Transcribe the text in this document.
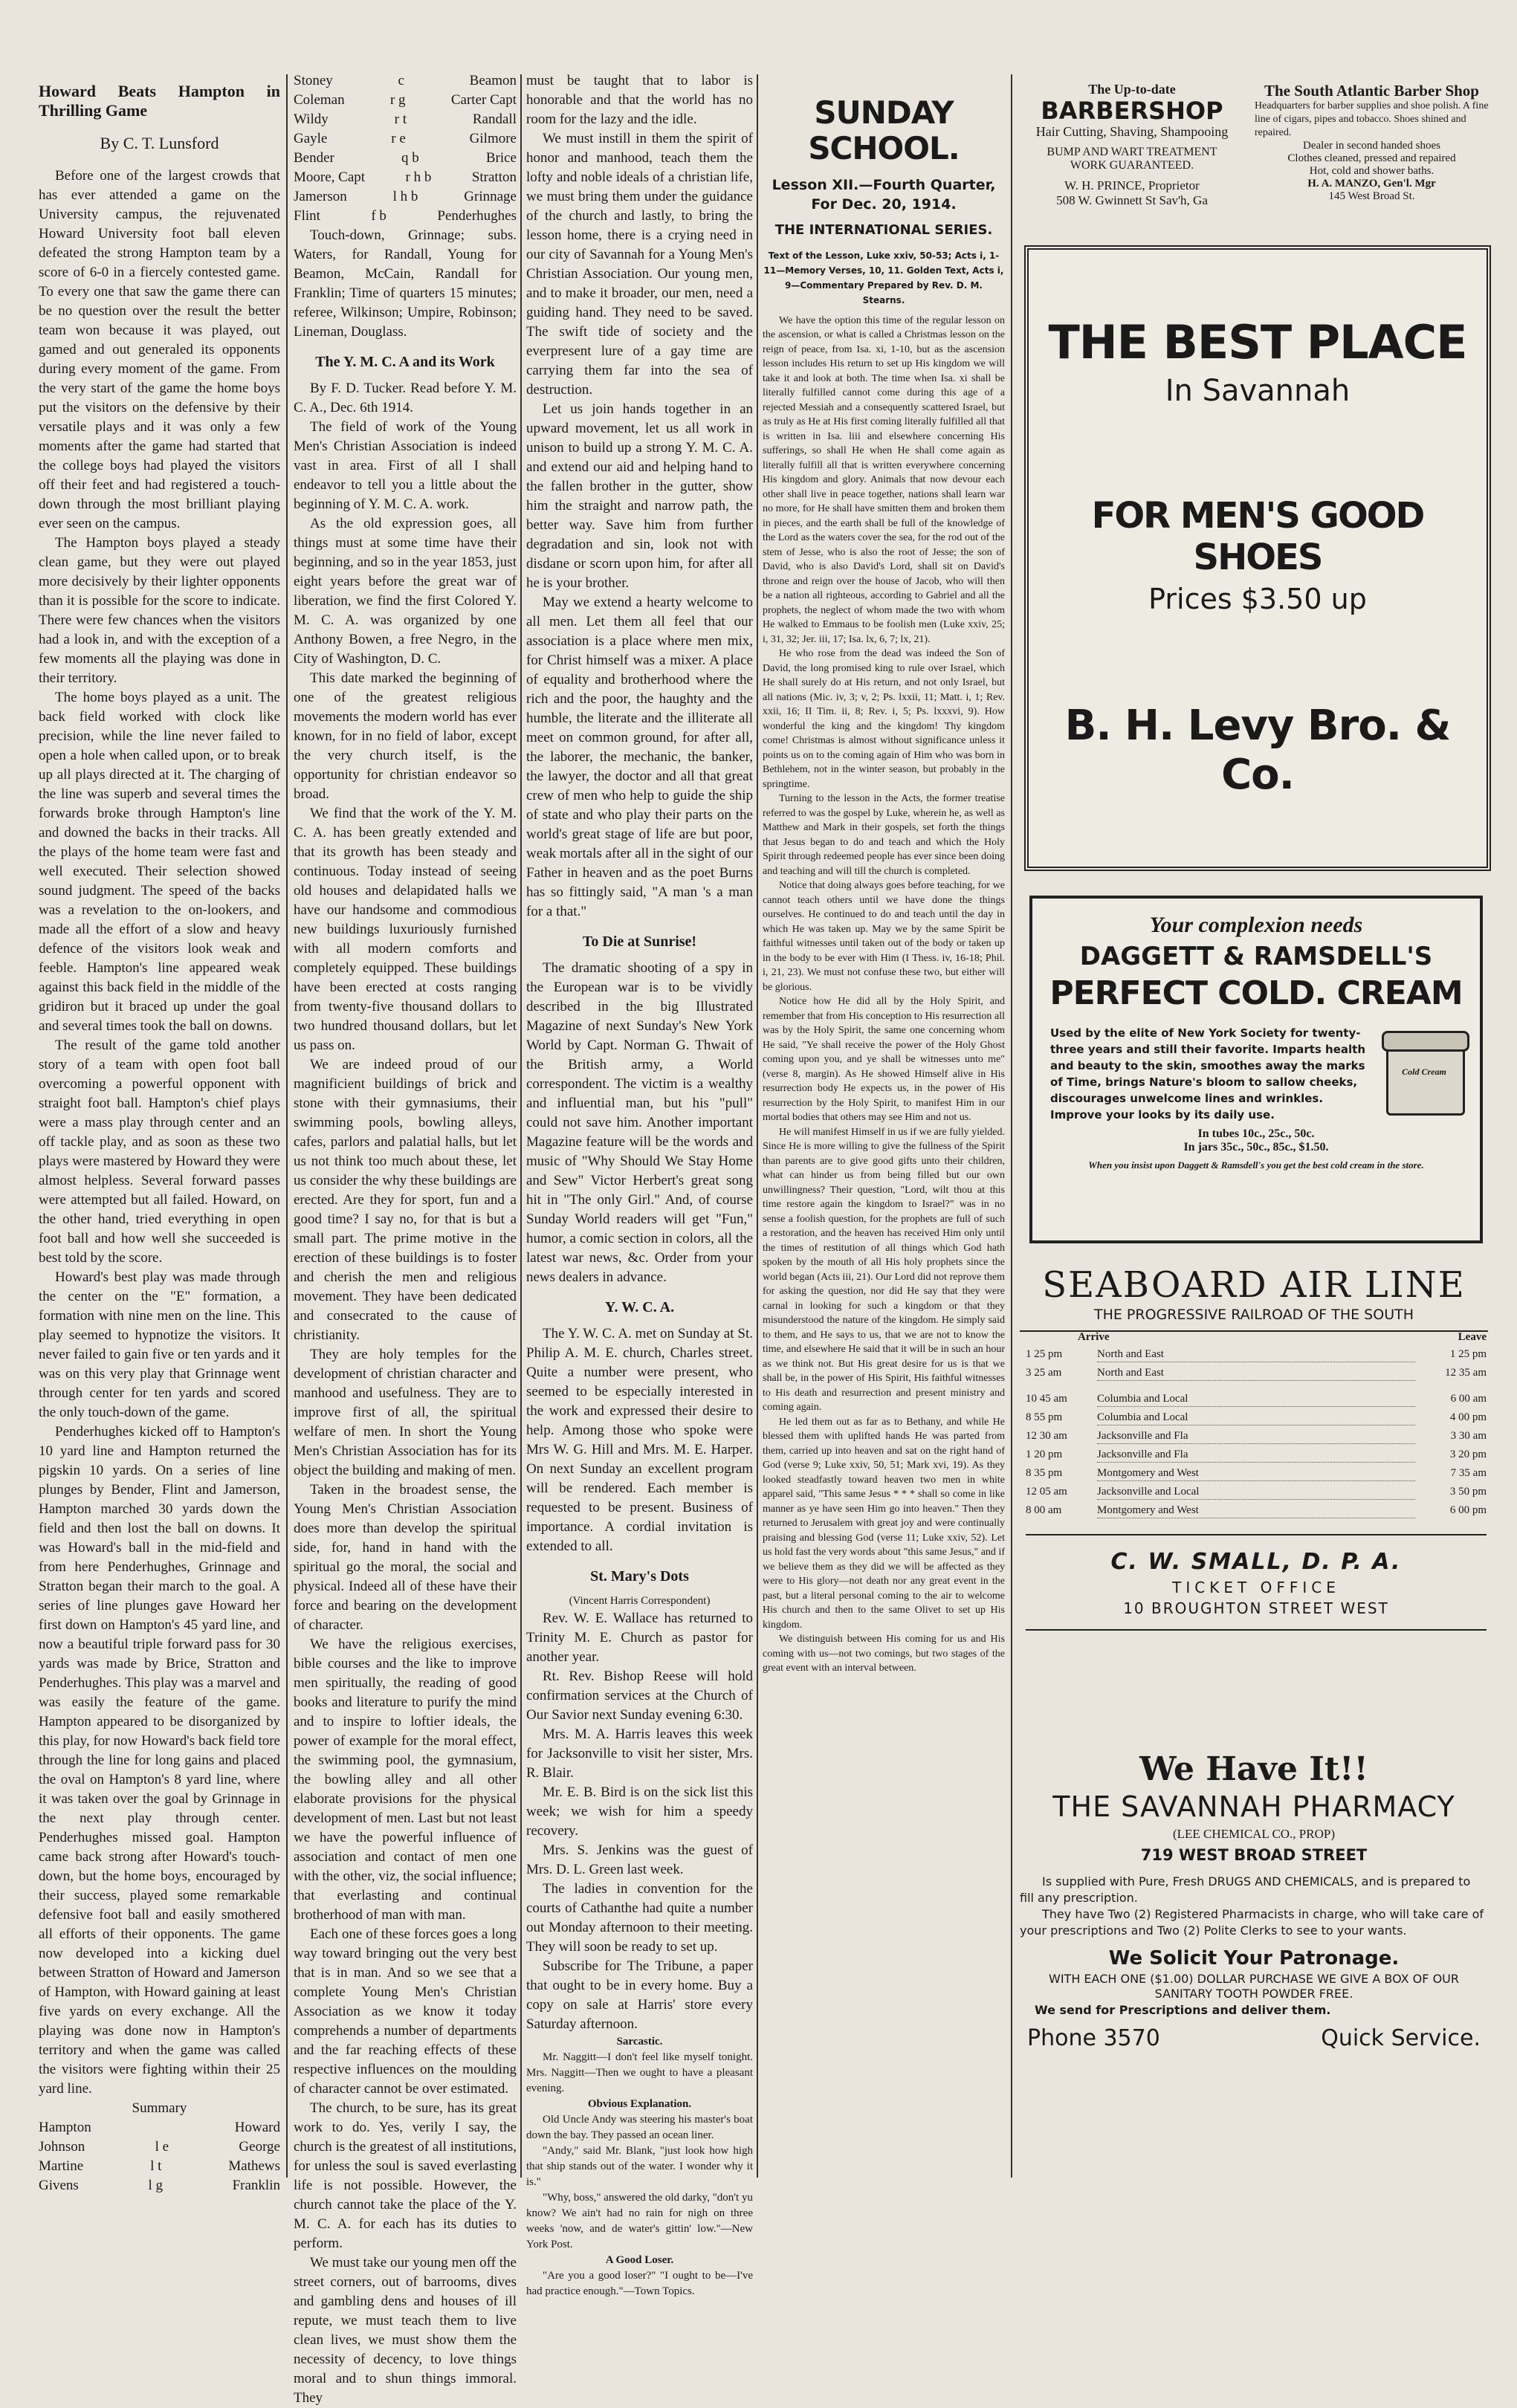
Howard Beats Hampton in Thrilling Game

By C. T. Lunsford

Before one of the largest crowds that has ever attended a game on the University campus, the rejuvenated Howard University foot ball eleven defeated the strong Hampton team by a score of 6-0 in a fiercely contested game. To every one that saw the game there can be no question over the result the better team won because it was played, out gamed and out generaled its opponents during every moment of the game. From the very start of the game the home boys put the visitors on the defensive by their versatile plays and it was only a few moments after the game had started that the college boys had played the visitors off their feet and had registered a touch-down through the most brilliant playing ever seen on the campus.

The Hampton boys played a steady clean game, but they were out played more decisively by their lighter opponents than it is possible for the score to indicate. There were few chances when the visitors had a look in, and with the exception of a few moments all the playing was done in their territory.

The home boys played as a unit. The back field worked with clock like precision, while the line never failed to open a hole when called upon, or to break up all plays directed at it. The charging of the line was superb and several times the forwards broke through Hampton's line and downed the backs in their tracks. All the plays of the home team were fast and well executed. Their selection showed sound judgment. The speed of the backs was a revelation to the on-lookers, and made all the effort of a slow and heavy defence of the visitors look weak and feeble. Hampton's line appeared weak against this back field in the middle of the gridiron but it braced up under the goal and several times took the ball on downs.

The result of the game told another story of a team with open foot ball overcoming a powerful opponent with straight foot ball. Hampton's chief plays were a mass play through center and an off tackle play, and as soon as these two plays were mastered by Howard they were almost helpless. Several forward passes were attempted but all failed. Howard, on the other hand, tried everything in open foot ball and how well she succeeded is best told by the score.

Howard's best play was made through the center on the "E" formation, a formation with nine men on the line. This play seemed to hypnotize the visitors. It never failed to gain five or ten yards and it was on this very play that Grinnage went through center for ten yards and scored the only touch-down of the game.

Penderhughes kicked off to Hampton's 10 yard line and Hampton returned the pigskin 10 yards. On a series of line plunges by Bender, Flint and Jamerson, Hampton marched 30 yards down the field and then lost the ball on downs. It was Howard's ball in the mid-field and from here Penderhughes, Grinnage and Stratton began their march to the goal. A series of line plunges gave Howard her first down on Hampton's 45 yard line, and now a beautiful triple forward pass for 30 yards was made by Brice, Stratton and Penderhughes. This play was a marvel and was easily the feature of the game. Hampton appeared to be disorganized by this play, for now Howard's back field tore through the line for long gains and placed the oval on Hampton's 8 yard line, where it was taken over the goal by Grinnage in the next play through center. Penderhughes missed goal. Hampton came back strong after Howard's touch-down, but the home boys, encouraged by their success, played some remarkable defensive foot ball and easily smothered all efforts of their opponents. The game now developed into a kicking duel between Stratton of Howard and Jamerson of Hampton, with Howard gaining at least five yards on every exchange. All the playing was done now in Hampton's territory and when the game was called the visitors were fighting within their 25 yard line.

Summary

Hampton	Howard
Johnson	l e	George
Martine	l t	Mathews
Givens	l g	Franklin
Stoney	c	Beamon
Coleman	r g	Carter Capt
Wildy	r t	Randall
Gayle	r e	Gilmore
Bender	q b	Brice
Moore, Capt	r h b	Stratton
Jamerson	l h b	Grinnage
Flint	f b	Penderhughes

Touch-down, Grinnage; subs. Waters, for Randall, Young for Beamon, McCain, Randall for Franklin; Time of quarters 15 minutes; referee, Wilkinson; Umpire, Robinson; Lineman, Douglass.

The Y. M. C. A and its Work

By F. D. Tucker. Read before Y. M. C. A., Dec. 6th 1914.

The field of work of the Young Men's Christian Association is indeed vast in area. First of all I shall endeavor to tell you a little about the beginning of Y. M. C. A. work.

As the old expression goes, all things must at some time have their beginning, and so in the year 1853, just eight years before the great war of liberation, we find the first Colored Y. M. C. A. was organized by one Anthony Bowen, a free Negro, in the City of Washington, D. C.

This date marked the beginning of one of the greatest religious movements the modern world has ever known, for in no field of labor, except the very church itself, is the opportunity for christian endeavor so broad.

We find that the work of the Y. M. C. A. has been greatly extended and that its growth has been steady and continuous. Today instead of seeing old houses and delapidated halls we have our handsome and commodious new buildings luxuriously furnished with all modern comforts and completely equipped. These buildings have been erected at costs ranging from twenty-five thousand dollars to two hundred thousand dollars, but let us pass on.

We are indeed proud of our magnificient buildings of brick and stone with their gymnasiums, their swimming pools, bowling alleys, cafes, parlors and palatial halls, but let us not think too much about these, let us consider the why these buildings are erected. Are they for sport, fun and a good time? I say no, for that is but a small part. The prime motive in the erection of these buildings is to foster and cherish the men and religious movement. They have been dedicated and consecrated to the cause of christianity.

They are holy temples for the development of christian character and manhood and usefulness. They are to improve first of all, the spiritual welfare of men. In short the Young Men's Christian Association has for its object the building and making of men.

Taken in the broadest sense, the Young Men's Christian Association does more than develop the spiritual side, for, hand in hand with the spiritual go the moral, the social and physical. Indeed all of these have their force and bearing on the development of character.

We have the religious exercises, bible courses and the like to improve men spiritually, the reading of good books and literature to purify the mind and to inspire to loftier ideals, the power of example for the moral effect, the swimming pool, the gymnasium, the bowling alley and all other elaborate provisions for the physical development of men. Last but not least we have the powerful influence of association and contact of men one with the other, viz, the social influence; that everlasting and continual brotherhood of man with man.

Each one of these forces goes a long way toward bringing out the very best that is in man. And so we see that a complete Young Men's Christian Association as we know it today comprehends a number of departments and the far reaching effects of these respective influences on the moulding of character cannot be over estimated.

The church, to be sure, has its great work to do. Yes, verily I say, the church is the greatest of all institutions, for unless the soul is saved everlasting life is not possible. However, the church cannot take the place of the Y. M. C. A. for each has its duties to perform.

We must take our young men off the street corners, out of barrooms, dives and gambling dens and houses of ill repute, we must teach them to live clean lives, we must show them the necessity of decency, to love things moral and to shun things immoral. They

must be taught that to labor is honorable and that the world has no room for the lazy and the idle.

We must instill in them the spirit of honor and manhood, teach them the lofty and noble ideals of a christian life, we must bring them under the guidance of the church and lastly, to bring the lesson home, there is a crying need in our city of Savannah for a Young Men's Christian Association. Our young men, and to make it broader, our men, need a guiding hand. They need to be saved. The swift tide of society and the everpresent lure of a gay time are carrying them far into the sea of destruction.

Let us join hands together in an upward movement, let us all work in unison to build up a strong Y. M. C. A. and extend our aid and helping hand to the fallen brother in the gutter, show him the straight and narrow path, the better way. Save him from further degradation and sin, look not with disdane or scorn upon him, for after all he is your brother.

May we extend a hearty welcome to all men. Let them all feel that our association is a place where men mix, for Christ himself was a mixer. A place of equality and brotherhood where the rich and the poor, the haughty and the humble, the literate and the illiterate all meet on common ground, for after all, the laborer, the mechanic, the banker, the lawyer, the doctor and all that great crew of men who help to guide the ship of state and who play their parts on the world's great stage of life are but poor, weak mortals after all in the sight of our Father in heaven and as the poet Burns has so fittingly said, "A man 's a man for a that."

To Die at Sunrise!

The dramatic shooting of a spy in the European war is to be vividly described in the big Illustrated Magazine of next Sunday's New York World by Capt. Norman G. Thwait of the British army, a World correspondent. The victim is a wealthy and influential man, but his "pull" could not save him. Another important Magazine feature will be the words and music of "Why Should We Stay Home and Sew" Victor Herbert's great song hit in "The only Girl." And, of course Sunday World readers will get "Fun," humor, a comic section in colors, all the latest war news, &c. Order from your news dealers in advance.

Y. W. C. A.

The Y. W. C. A. met on Sunday at St. Philip A. M. E. church, Charles street. Quite a number were present, who seemed to be especially interested in the work and expressed their desire to help. Among those who spoke were Mrs W. G. Hill and Mrs. M. E. Harper. On next Sunday an excellent program will be rendered. Each member is requested to be present. Business of importance. A cordial invitation is extended to all.

St. Mary's Dots

(Vincent Harris Correspondent)

Rev. W. E. Wallace has returned to Trinity M. E. Church as pastor for another year.

Rt. Rev. Bishop Reese will hold confirmation services at the Church of Our Savior next Sunday evening 6:30.

Mrs. M. A. Harris leaves this week for Jacksonville to visit her sister, Mrs. R. Blair.

Mr. E. B. Bird is on the sick list this week; we wish for him a speedy recovery.

Mrs. S. Jenkins was the guest of Mrs. D. L. Green last week.

The ladies in convention for the courts of Cathanthe had quite a number out Monday afternoon to their meeting. They will soon be ready to set up.

Subscribe for The Tribune, a paper that ought to be in every home. Buy a copy on sale at Harris' store every Saturday afternoon.

Sarcastic.

Mr. Naggitt—I don't feel like myself tonight. Mrs. Naggitt—Then we ought to have a pleasant evening.

Obvious Explanation.

Old Uncle Andy was steering his master's boat down the bay. They passed an ocean liner.

"Andy," said Mr. Blank, "just look how high that ship stands out of the water. I wonder why it is."

"Why, boss," answered the old darky, "don't yu know? We ain't had no rain for nigh on three weeks 'now, and de water's gittin' low."—New York Post.

A Good Loser.

"Are you a good loser?" "I ought to be—I've had practice enough."—Town Topics.

SUNDAY SCHOOL.

Lesson XII.—Fourth Quarter, For Dec. 20, 1914.

THE INTERNATIONAL SERIES.

Text of the Lesson, Luke xxiv, 50-53; Acts i, 1-11—Memory Verses, 10, 11. Golden Text, Acts i, 9—Commentary Prepared by Rev. D. M. Stearns.

We have the option this time of the regular lesson on the ascension, or what is called a Christmas lesson on the reign of peace, from Isa. xi, 1-10, but as the ascension lesson includes His return to set up His kingdom we will take it and look at both. The time when Isa. xi shall be literally fulfilled cannot come during this age of a rejected Messiah and a consequently scattered Israel, but as truly as He at His first coming literally fulfilled all that is written in Isa. liii and elsewhere concerning His sufferings, so shall He when He shall come again as literally fulfill all that is written everywhere concerning His kingdom and glory. Animals that now devour each other shall live in peace together, nations shall learn war no more, for He shall have smitten them and broken them in pieces, and the earth shall be full of the knowledge of the Lord as the waters cover the sea, for the rod out of the stem of Jesse, who is also the root of Jesse; the son of David, who is also David's Lord, shall sit on David's throne and reign over the house of Jacob, who will then be a nation all righteous, according to Gabriel and all the prophets, the neglect of whom made the two with whom He walked to Emmaus to be foolish men (Luke xxiv, 25; i, 31, 32; Jer. iii, 17; Isa. lx, 6, 7; lx, 21).

He who rose from the dead was indeed the Son of David, the long promised king to rule over Israel, which He shall surely do at His return, and not only Israel, but all nations (Mic. iv, 3; v, 2; Ps. lxxii, 11; Matt. i, 1; Rev. xxii, 16; II Tim. ii, 8; Rev. i, 5; Ps. lxxxvi, 9). How wonderful the king and the kingdom! Thy kingdom come! Christmas is almost without significance unless it points us on to the coming again of Him who was born in Bethlehem, not in the winter season, but probably in the springtime.

Turning to the lesson in the Acts, the former treatise referred to was the gospel by Luke, wherein he, as well as Matthew and Mark in their gospels, set forth the things that Jesus began to do and teach and which the Holy Spirit through redeemed people has ever since been doing and teaching and will till the church is completed.

Notice that doing always goes before teaching, for we cannot teach others until we have done the things ourselves. He continued to do and teach until the day in which He was taken up. May we by the same Spirit be faithful witnesses until taken out of the body or taken up in the body to be ever with Him (I Thess. iv, 16-18; Phil. i, 21, 23). We must not confuse these two, but either will be glorious.

Notice how He did all by the Holy Spirit, and remember that from His conception to His resurrection all was by the Holy Spirit, the same one concerning whom He said, "Ye shall receive the power of the Holy Ghost coming upon you, and ye shall be witnesses unto me" (verse 8, margin). As He showed Himself alive in His resurrection body He expects us, in the power of His resurrection by the Holy Spirit, to manifest Him in our mortal bodies that others may see Him and not us.

He will manifest Himself in us if we are fully yielded. Since He is more willing to give the fullness of the Spirit than parents are to give good gifts unto their children, what can hinder us from being filled but our own unwillingness? Their question, "Lord, wilt thou at this time restore again the kingdom to Israel?" was in no sense a foolish question, for the prophets are full of such a restoration, and the heaven has received Him only until the times of restitution of all things which God hath spoken by the mouth of all His holy prophets since the world began (Acts iii, 21). Our Lord did not reprove them for asking the question, nor did He say that they were carnal in looking for such a kingdom or that they misunderstood the nature of the kingdom. He simply said to them, and He says to us, that we are not to know the time, and elsewhere He said that it will be in such an hour as we think not. But His great desire for us is that we shall be, in the power of His Spirit, His faithful witnesses to His death and resurrection and present ministry and coming again.

He led them out as far as to Bethany, and while He blessed them with uplifted hands He was parted from them, carried up into heaven and sat on the right hand of God (verse 9; Luke xxiv, 50, 51; Mark xvi, 19). As they looked steadfastly toward heaven two men in white apparel said, "This same Jesus * * * shall so come in like manner as ye have seen Him go into heaven." Then they returned to Jerusalem with great joy and were continually praising and blessing God (verse 11; Luke xxiv, 52). Let us hold fast the very words about "this same Jesus," and if we believe them as they did we will be affected as they were to His glory—not death nor any great event in the past, but a literal personal coming to the air to welcome His church and then to the same Olivet to set up His kingdom.

We distinguish between His coming for us and His coming with us—not two comings, but two stages of the great event with an interval between.

The Up-to-date
BARBERSHOP
Hair Cutting, Shaving, Shampooing
BUMP AND WART TREATMENT
WORK GUARANTEED.
W. H. PRINCE, Proprietor
508 W. Gwinnett St Sav'h, Ga
The South Atlantic Barber Shop
Headquarters for barber supplies and shoe polish. A fine line of cigars, pipes and tobacco. Shoes shined and repaired.
Dealer in second handed shoes
Clothes cleaned, pressed and repaired
Hot, cold and shower baths.
H. A. MANZO, Gen'l. Mgr
145 West Broad St.
THE BEST PLACE
In Savannah
FOR MEN'S GOOD SHOES
Prices $3.50 up
B. H. Levy Bro. & Co.
Your complexion needs
DAGGETT & RAMSDELL'S
PERFECT COLD. CREAM
Used by the elite of New York Society for twenty-three years and still their favorite. Imparts health and beauty to the skin, smoothes away the marks of Time, brings Nature's bloom to sallow cheeks, discourages unwelcome lines and wrinkles. Improve your looks by its daily use.
Cold Cream
In tubes 10c., 25c., 50c.
In jars 35c., 50c., 85c., $1.50.
When you insist upon Daggett & Ramsdell's you get the best cold cream in the store.
SEABOARD AIR LINE
THE PROGRESSIVE RAILROAD OF THE SOUTH
Arrive	Leave
1 25 pm	North and East	1 25 pm
3 25 am	North and East	12 35 am
10 45 am	Columbia and Local	6 00 am
8 55 pm	Columbia and Local	4 00 pm
12 30 am	Jacksonville and Fla	3 30 am
1 20 pm	Jacksonville and Fla	3 20 pm
8 35 pm	Montgomery and West	7 35 am
12 05 am	Jacksonville and Local	3 50 pm
8 00 am	Montgomery and West	6 00 pm
C. W. SMALL, D. P. A.
TICKET OFFICE
10 BROUGHTON STREET WEST
We Have It!!
THE SAVANNAH PHARMACY
(LEE CHEMICAL CO., PROP)
719 WEST BROAD STREET
Is supplied with Pure, Fresh DRUGS AND CHEMICALS, and is prepared to fill any prescription.
They have Two (2) Registered Pharmacists in charge, who will take care of your prescriptions and Two (2) Polite Clerks to see to your wants.
We Solicit Your Patronage.
WITH EACH ONE ($1.00) DOLLAR PURCHASE WE GIVE A BOX OF OUR SANITARY TOOTH POWDER FREE.
We send for Prescriptions and deliver them.
Phone 3570	Quick Service.
